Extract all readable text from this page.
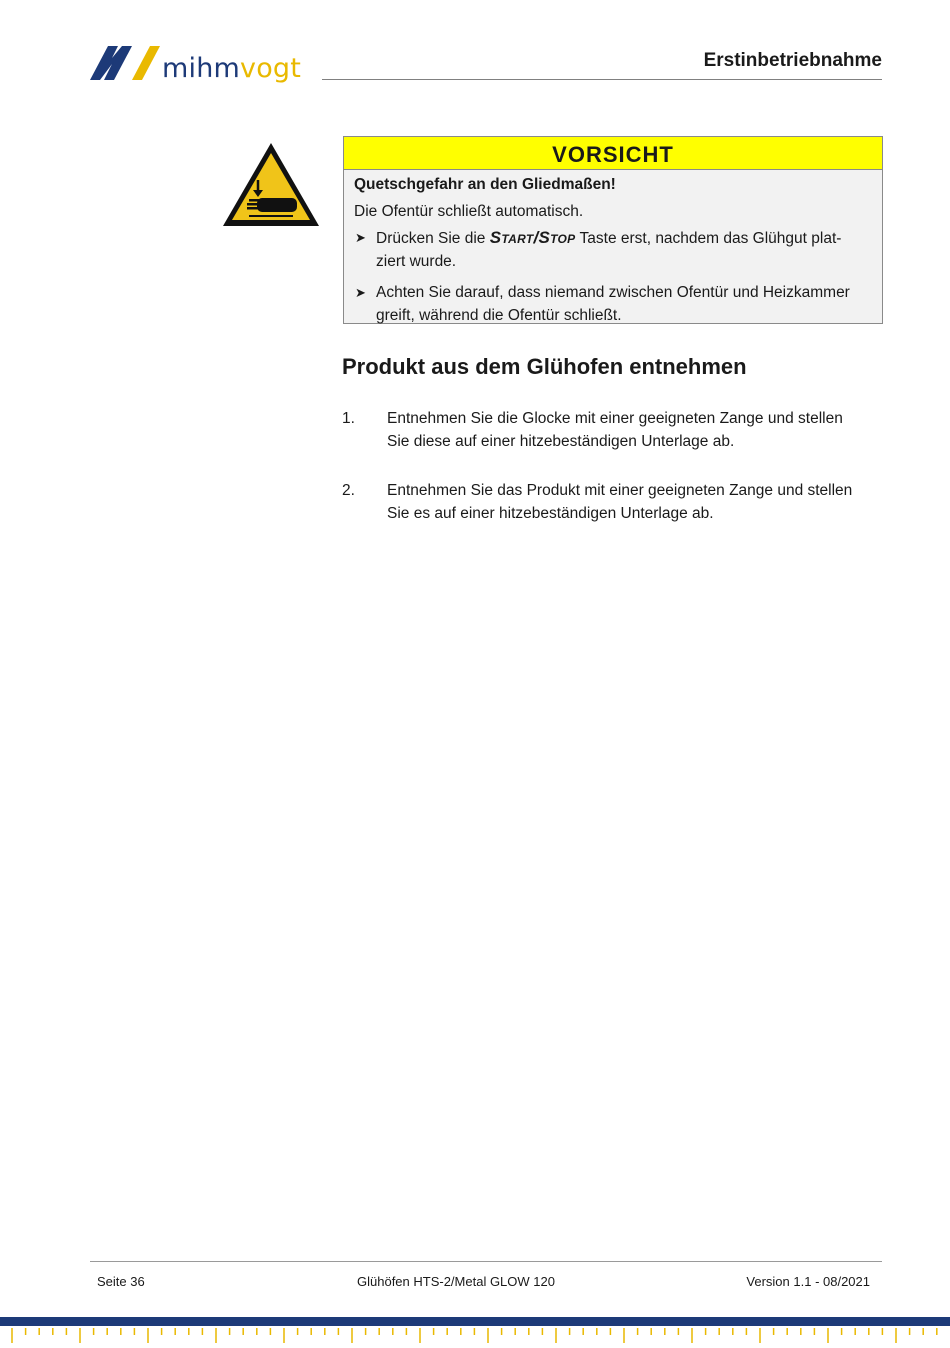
mihmvogt	Erstinbetriebnahme
VORSICHT
Quetschgefahr an den Gliedmaßen!
Die Ofentür schließt automatisch.
➤ Drücken Sie die Start/Stop Taste erst, nachdem das Glühgut plat-
ziert wurde.
➤ Achten Sie darauf, dass niemand zwischen Ofentür und Heizkammer
greift, während die Ofentür schließt.
Produkt aus dem Glühofen entnehmen
1. Entnehmen Sie die Glocke mit einer geeigneten Zange und stellen
Sie diese auf einer hitzebeständigen Unterlage ab.
2. Entnehmen Sie das Produkt mit einer geeigneten Zange und stellen
Sie es auf einer hitzebeständigen Unterlage ab.
Seite 36	Glühöfen HTS-2/Metal GLOW 120	Version 1.1 - 08/2021
